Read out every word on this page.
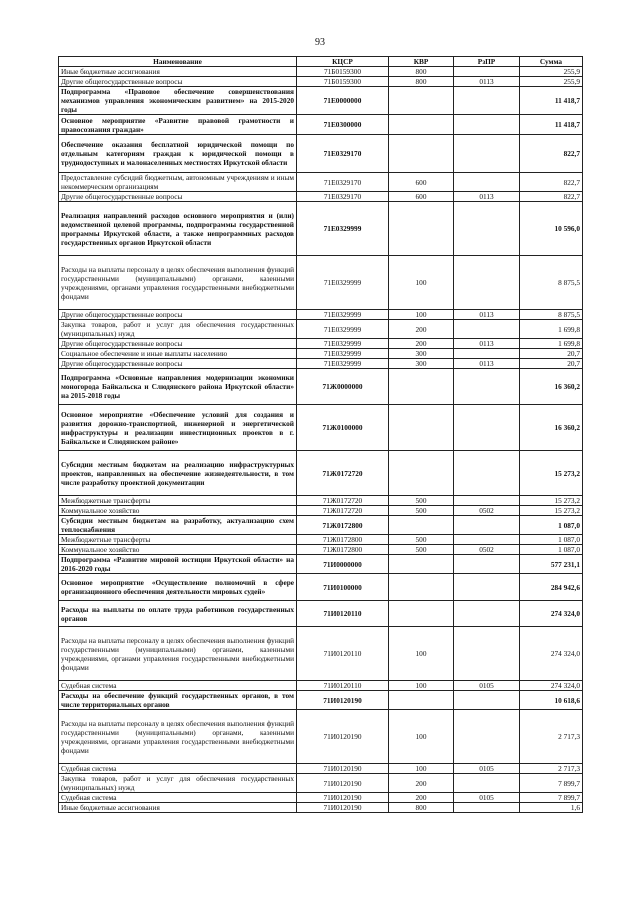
93
Наименование	КЦСР	КВР	РзПР	Сумма
Иные бюджетные ассигнования	71Б0159300	800		255,9
Другие общегосударственные вопросы	71Б0159300	800	0113	255,9
Подпрограмма «Правовое обеспечение совершенствования механизмов управления экономическим развитием» на 2015-2020 годы	71Е0000000			11 418,7
Основное мероприятие «Развитие правовой грамотности и правосознания граждан»	71Е0300000			11 418,7
Обеспечение оказания бесплатной юридической помощи по отдельным категориям граждан к юридической помощи в труднодоступных и малонаселенных местностях Иркутской области	71Е0329170			822,7
Предоставление субсидий бюджетным, автономным учреждениям и иным некоммерческим организациям	71Е0329170	600		822,7
Другие общегосударственные вопросы	71Е0329170	600	0113	822,7
Реализация направлений расходов основного мероприятия и (или) ведомственной целевой программы, подпрограммы государственной программы Иркутской области, а также непрограммных расходов государственных органов Иркутской области	71Е0329999			10 596,0
Расходы на выплаты персоналу в целях обеспечения выполнения функций государственными (муниципальными) органами, казенными учреждениями, органами управления государственными внебюджетными фондами	71Е0329999	100		8 875,5
Другие общегосударственные вопросы	71Е0329999	100	0113	8 875,5
Закупка товаров, работ и услуг для обеспечения государственных (муниципальных) нужд	71Е0329999	200		1 699,8
Другие общегосударственные вопросы	71Е0329999	200	0113	1 699,8
Социальное обеспечение и иные выплаты населению	71Е0329999	300		20,7
Другие общегосударственные вопросы	71Е0329999	300	0113	20,7
Подпрограмма «Основные направления модернизации экономики моногорода Байкальска и Слюдянского района Иркутской области» на 2015-2018 годы	71Ж0000000			16 360,2
Основное мероприятие «Обеспечение условий для создания и развития дорожно-транспортной, инженерной и энергетической инфраструктуры и реализации инвестиционных проектов в г. Байкальске и Слюдянском районе»	71Ж0100000			16 360,2
Субсидии местным бюджетам на реализацию инфраструктурных проектов, направленных на обеспечение жизнедеятельности, в том числе разработку проектной документации	71Ж0172720			15 273,2
Межбюджетные трансферты	71Ж0172720	500		15 273,2
Коммунальное хозяйство	71Ж0172720	500	0502	15 273,2
Субсидии местным бюджетам на разработку, актуализацию схем теплоснабжения	71Ж0172800			1 087,0
Межбюджетные трансферты	71Ж0172800	500		1 087,0
Коммунальное хозяйство	71Ж0172800	500	0502	1 087,0
Подпрограмма «Развитие мировой юстиции Иркутской области» на 2016-2020 годы	71И0000000			577 231,1
Основное мероприятие «Осуществление полномочий в сфере организационного обеспечения деятельности мировых судей»	71И0100000			284 942,6
Расходы на выплаты по оплате труда работников государственных органов	71И0120110			274 324,0
Расходы на выплаты персоналу в целях обеспечения выполнения функций государственными (муниципальными) органами, казенными учреждениями, органами управления государственными внебюджетными фондами	71И0120110	100		274 324,0
Судебная система	71И0120110	100	0105	274 324,0
Расходы на обеспечение функций государственных органов, в том числе территориальных органов	71И0120190			10 618,6
Расходы на выплаты персоналу в целях обеспечения выполнения функций государственными (муниципальными) органами, казенными учреждениями, органами управления государственными внебюджетными фондами	71И0120190	100		2 717,3
Судебная система	71И0120190	100	0105	2 717,3
Закупка товаров, работ и услуг для обеспечения государственных (муниципальных) нужд	71И0120190	200		7 899,7
Судебная система	71И0120190	200	0105	7 899,7
Иные бюджетные ассигнования	71И0120190	800		1,6
